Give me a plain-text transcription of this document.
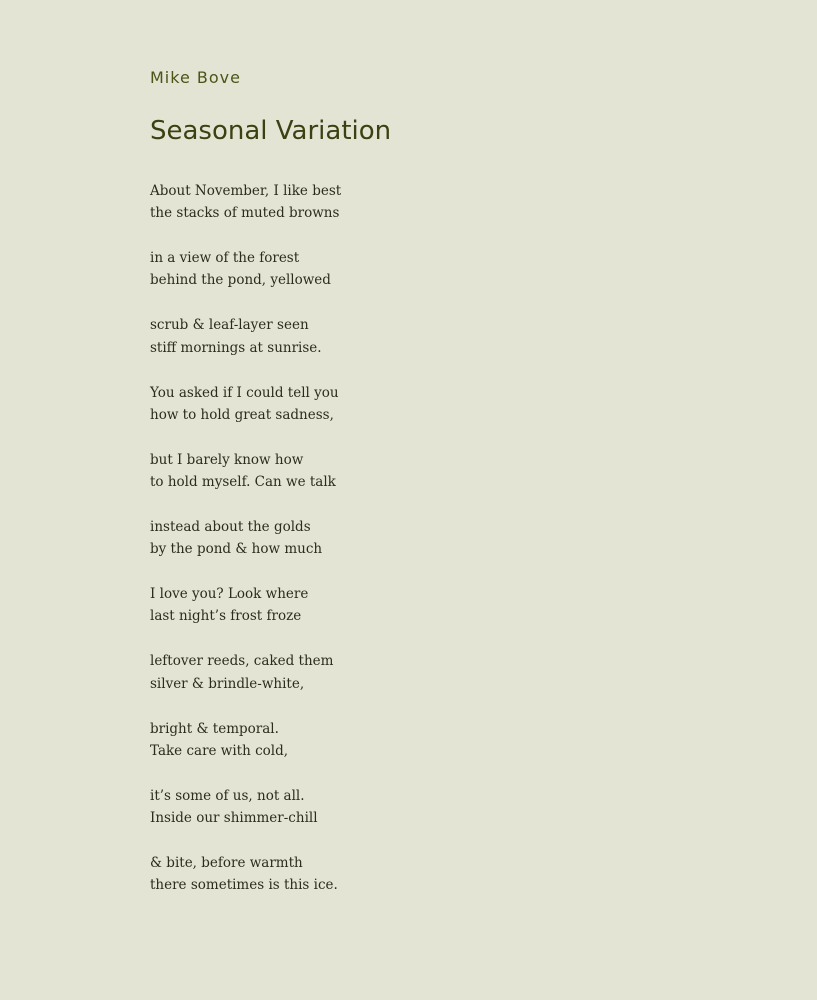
Mike Bove
Seasonal Variation
About November, I like best
the stacks of muted browns
in a view of the forest
behind the pond, yellowed
scrub & leaf-layer seen
stiff mornings at sunrise.
You asked if I could tell you
how to hold great sadness,
but I barely know how
to hold myself. Can we talk
instead about the golds
by the pond & how much
I love you? Look where
last night’s frost froze
leftover reeds, caked them
silver & brindle-white,
bright & temporal.
Take care with cold,
it’s some of us, not all.
Inside our shimmer-chill
& bite, before warmth
there sometimes is this ice.
